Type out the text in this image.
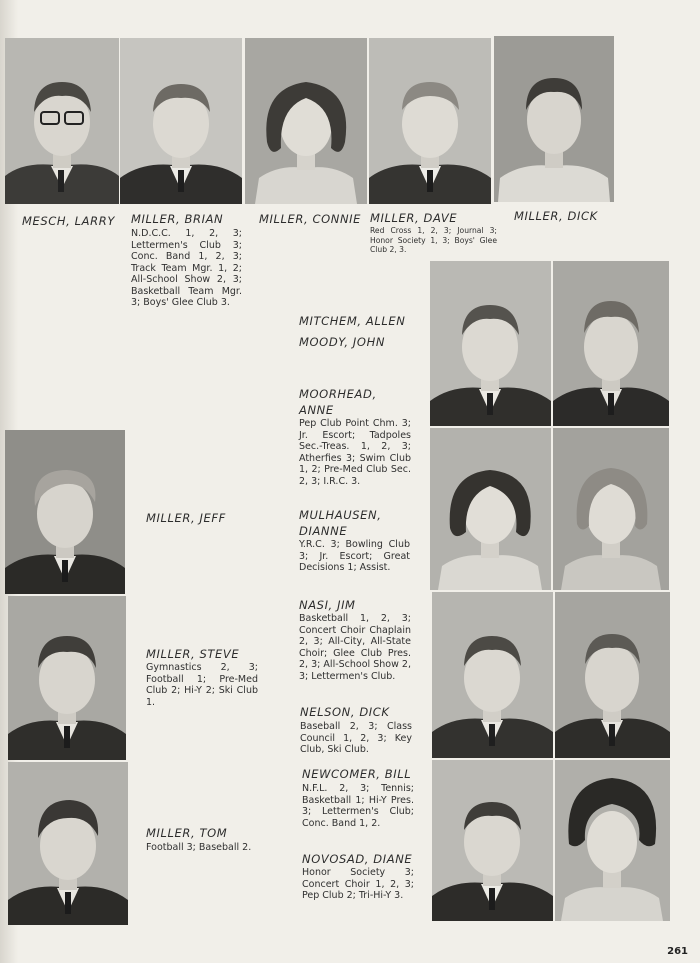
MESCH, LARRY MILLER, BRIAN
N.D.C.C. 1, 2, 3; Lettermen's Club 3; Conc. Band 1, 2, 3; Track Team Mgr. 1, 2; All-School Show 2, 3; Basketball Team Mgr. 3; Boys' Glee Club 3.
MILLER, CONNIE MILLER, DAVE
Red Cross 1, 2, 3; Journal 3; Honor Society 1, 3; Boys' Glee Club 2, 3.
MILLER, DICK
MITCHEM, ALLEN
MOODY, JOHN
MOORHEAD, ANNE
Pep Club Point Chm. 3; Jr. Escort; Tadpoles Sec.-Treas. 1, 2, 3; Atherfies 3; Swim Club 1, 2; Pre-Med Club Sec. 2, 3; I.R.C. 3.
MILLER, JEFF	MULHAUSEN, DIANNE
Y.R.C. 3; Bowling Club 3; Jr. Escort; Great Decisions 1; Assist.
NASI, JIM
Basketball 1, 2, 3; Concert Choir Chaplain 2, 3; All-City, All-State Choir; Glee Club Pres. 2, 3; All-School Show 2, 3; Lettermen's Club.
MILLER, STEVE
Gymnastics 2, 3; Football 1; Pre-Med Club 2; Hi-Y 2; Ski Club 1.
NELSON, DICK
Baseball 2, 3; Class Council 1, 2, 3; Key Club, Ski Club.
NEWCOMER, BILL
N.F.L. 2, 3; Tennis; Basketball 1; Hi-Y Pres. 3; Lettermen's Club; Conc. Band 1, 2.
MILLER, TOM
Football 3; Baseball 2.
NOVOSAD, DIANE
Honor Society 3; Concert Choir 1, 2, 3; Pep Club 2; Tri-Hi-Y 3.
261
